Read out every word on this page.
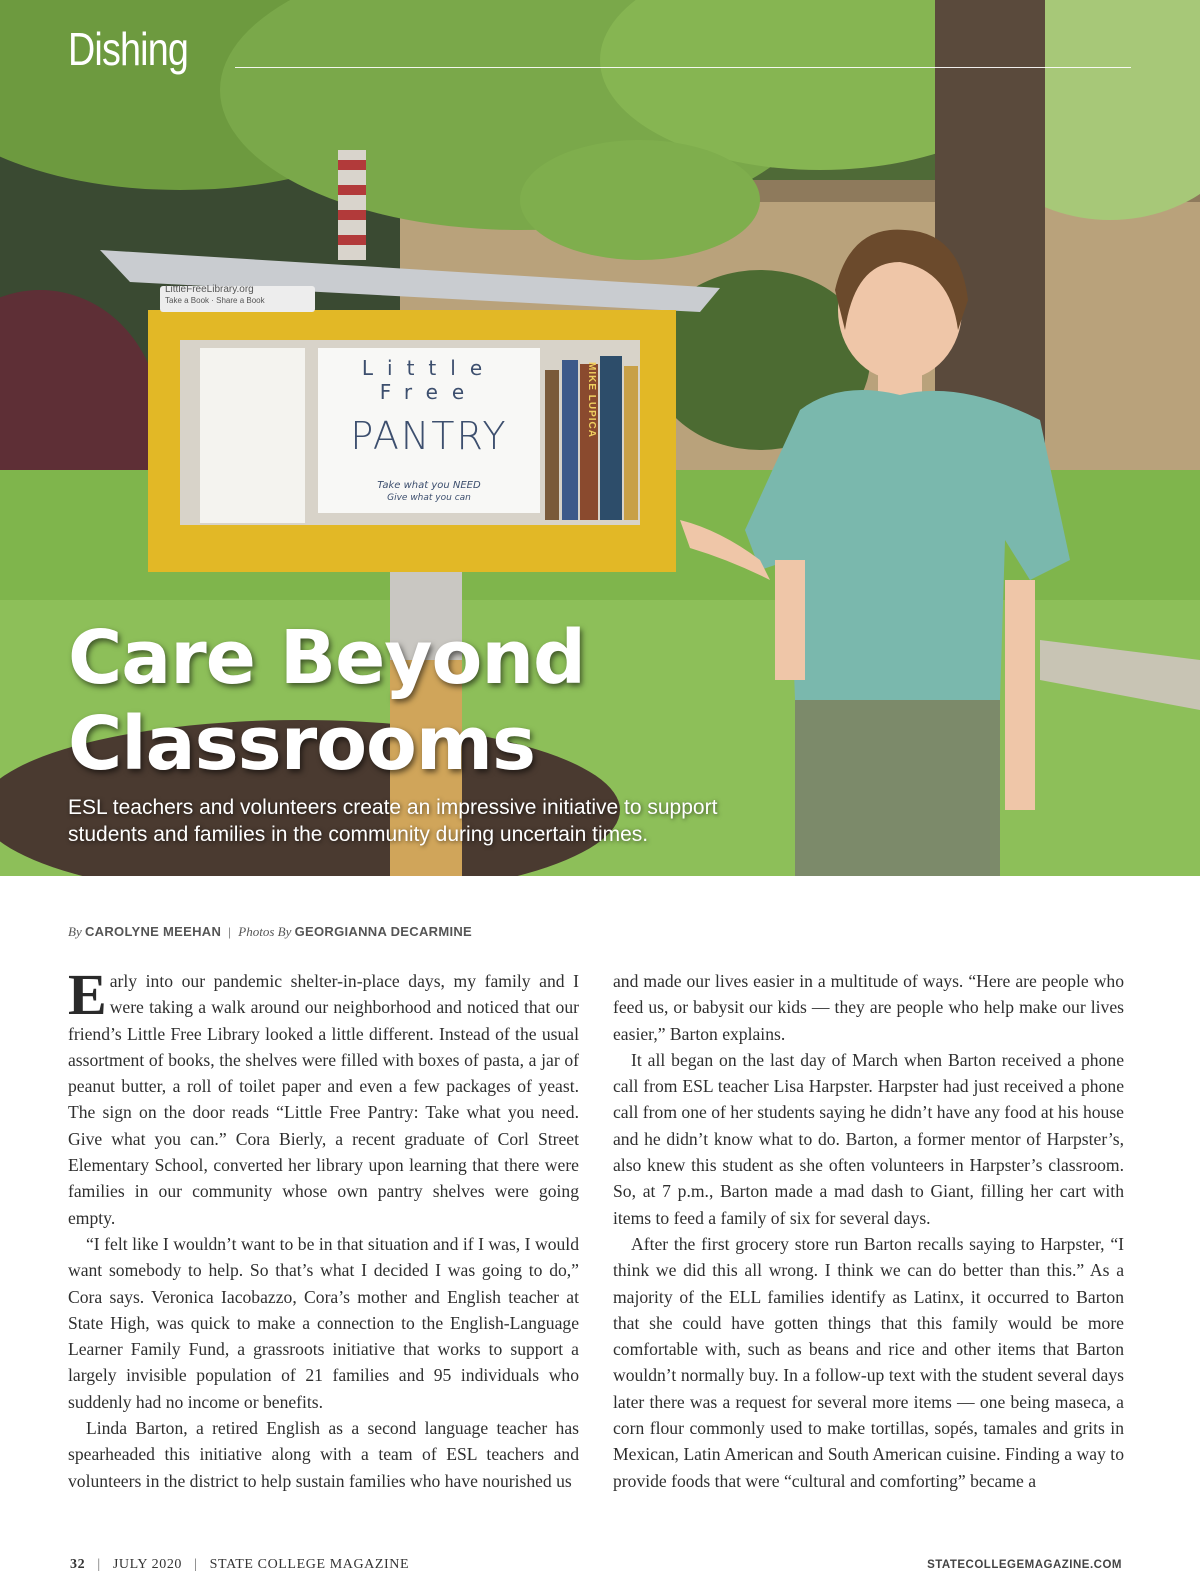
LittleFreeLibrary.org
Take a Book · Share a Book
Little Free
PANTRY
Take what you NEED
Give what you can
MIKE LUPICA
Dishing
Care Beyond Classrooms

ESL teachers and volunteers create an impressive initiative to support students and families in the community during uncertain times.

By CAROLYNE MEEHAN | Photos By GEORGIANNA DECARMINE

Early into our pandemic shelter-in-place days, my family and I were taking a walk around our neighborhood and noticed that our friend’s Little Free Library looked a little different. Instead of the usual assortment of books, the shelves were filled with boxes of pasta, a jar of peanut butter, a roll of toilet paper and even a few packages of yeast. The sign on the door reads “Little Free Pantry: Take what you need. Give what you can.” Cora Bierly, a recent graduate of Corl Street Elementary School, converted her library upon learning that there were families in our community whose own pantry shelves were going empty.

“I felt like I wouldn’t want to be in that situation and if I was, I would want somebody to help. So that’s what I decided I was going to do,” Cora says. Veronica Iacobazzo, Cora’s mother and English teacher at State High, was quick to make a connection to the English-Language Learner Family Fund, a grassroots initiative that works to support a largely invisible population of 21 families and 95 individuals who suddenly had no income or benefits.

Linda Barton, a retired English as a second language teacher has spearheaded this initiative along with a team of ESL teachers and volunteers in the district to help sustain families who have nourished us

and made our lives easier in a multitude of ways. “Here are people who feed us, or babysit our kids — they are people who help make our lives easier,” Barton explains.

It all began on the last day of March when Barton received a phone call from ESL teacher Lisa Harpster. Harpster had just received a phone call from one of her students saying he didn’t have any food at his house and he didn’t know what to do. Barton, a former mentor of Harpster’s, also knew this student as she often volunteers in Harpster’s classroom. So, at 7 p.m., Barton made a mad dash to Giant, filling her cart with items to feed a family of six for several days.

After the first grocery store run Barton recalls saying to Harpster, “I think we did this all wrong. I think we can do better than this.” As a majority of the ELL families identify as Latinx, it occurred to Barton that she could have gotten things that this family would be more comfortable with, such as beans and rice and other items that Barton wouldn’t normally buy. In a follow-up text with the student several days later there was a request for several more items — one being maseca, a corn flour commonly used to make tortillas, sopés, tamales and grits in Mexican, Latin American and South American cuisine. Finding a way to provide foods that were “cultural and comforting” became a

32 | JULY 2020 | STATE COLLEGE MAGAZINE	STATECOLLEGEMAGAZINE.COM
